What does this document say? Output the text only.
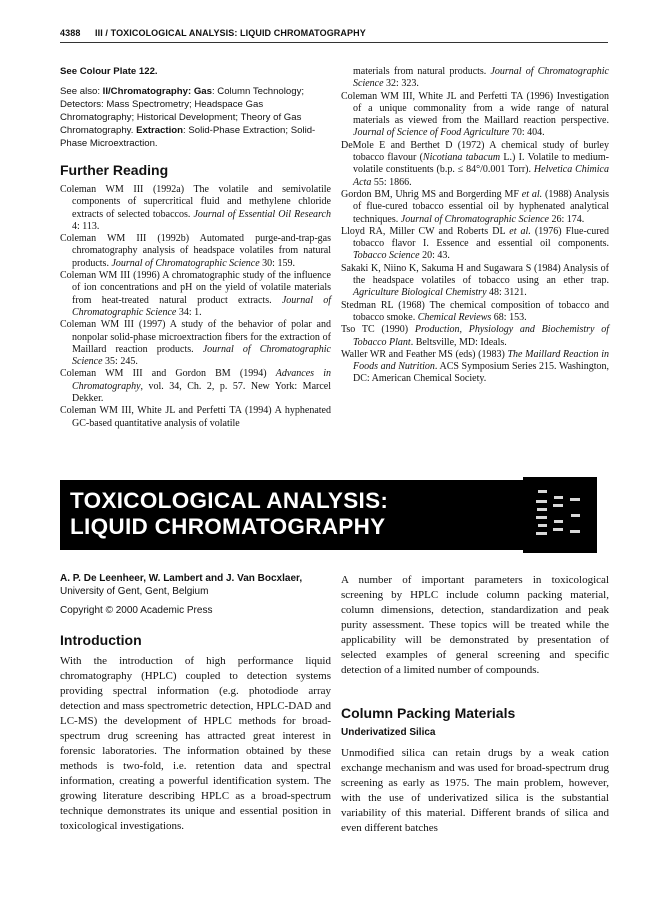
4388 III / TOXICOLOGICAL ANALYSIS: LIQUID CHROMATOGRAPHY

See Colour Plate 122.

See also: II/Chromatography: Gas: Column Technology; Detectors: Mass Spectrometry; Headspace Gas Chromatography; Historical Development; Theory of Gas Chromatography. Extraction: Solid-Phase Extraction; Solid-Phase Microextraction.

Further Reading

Coleman WM III (1992a) The volatile and semivolatile components of supercritical fluid and methylene chloride extracts of selected tobaccos. Journal of Essential Oil Research 4: 113.

Coleman WM III (1992b) Automated purge-and-trap-gas chromatography analysis of headspace volatiles from natural products. Journal of Chromatographic Science 30: 159.

Coleman WM III (1996) A chromatographic study of the influence of ion concentrations and pH on the yield of volatile materials from heat-treated natural product extracts. Journal of Chromatographic Science 34: 1.

Coleman WM III (1997) A study of the behavior of polar and nonpolar solid-phase microextraction fibers for the extraction of Maillard reaction products. Journal of Chromatographic Science 35: 245.

Coleman WM III and Gordon BM (1994) Advances in Chromatography, vol. 34, Ch. 2, p. 57. New York: Marcel Dekker.

Coleman WM III, White JL and Perfetti TA (1994) A hyphenated GC-based quantitative analysis of volatile

materials from natural products. Journal of Chromatographic Science 32: 323.

Coleman WM III, White JL and Perfetti TA (1996) Investigation of a unique commonality from a wide range of natural materials as viewed from the Maillard reaction perspective. Journal of Science of Food Agriculture 70: 404.

DeMole E and Berthet D (1972) A chemical study of burley tobacco flavour (Nicotiana tabacum L.) I. Volatile to medium-volatile constituents (b.p. ≤ 84°/0.001 Torr). Helvetica Chimica Acta 55: 1866.

Gordon BM, Uhrig MS and Borgerding MF et al. (1988) Analysis of flue-cured tobacco essential oil by hyphenated analytical techniques. Journal of Chromatographic Science 26: 174.

Lloyd RA, Miller CW and Roberts DL et al. (1976) Flue-cured tobacco flavor I. Essence and essential oil components. Tobacco Science 20: 43.

Sakaki K, Niino K, Sakuma H and Sugawara S (1984) Analysis of the headspace volatiles of tobacco using an ether trap. Agriculture Biological Chemistry 48: 3121.

Stedman RL (1968) The chemical composition of tobacco and tobacco smoke. Chemical Reviews 68: 153.

Tso TC (1990) Production, Physiology and Biochemistry of Tobacco Plant. Beltsville, MD: Ideals.

Waller WR and Feather MS (eds) (1983) The Maillard Reaction in Foods and Nutrition. ACS Symposium Series 215. Washington, DC: American Chemical Society.

TOXICOLOGICAL ANALYSIS:
LIQUID CHROMATOGRAPHY

A. P. De Leenheer, W. Lambert and J. Van Bocxlaer,

University of Gent, Gent, Belgium

Copyright © 2000 Academic Press

Introduction

With the introduction of high performance liquid chromatography (HPLC) coupled to detection systems providing spectral information (e.g. photodiode array detection and mass spectrometric detection, HPLC-DAD and LC-MS) the development of HPLC methods for broad-spectrum drug screening has attracted great interest in forensic laboratories. The information obtained by these methods is two-fold, i.e. retention data and spectral information, creating a powerful identification system. The growing literature describing HPLC as a broad-spectrum technique demonstrates its unique and essential position in toxicological investigations.

A number of important parameters in toxicological screening by HPLC include column packing material, column dimensions, detection, standardization and peak purity assessment. These topics will be treated while the applicability will be demonstrated by presentation of selected examples of general screening and specific detection of a limited number of compounds.

Column Packing Materials
Underivatized Silica

Unmodified silica can retain drugs by a weak cation exchange mechanism and was used for broad-spectrum drug screening as early as 1975. The main problem, however, with the use of underivatized silica is the substantial variability of this material. Different brands of silica and even different batches
